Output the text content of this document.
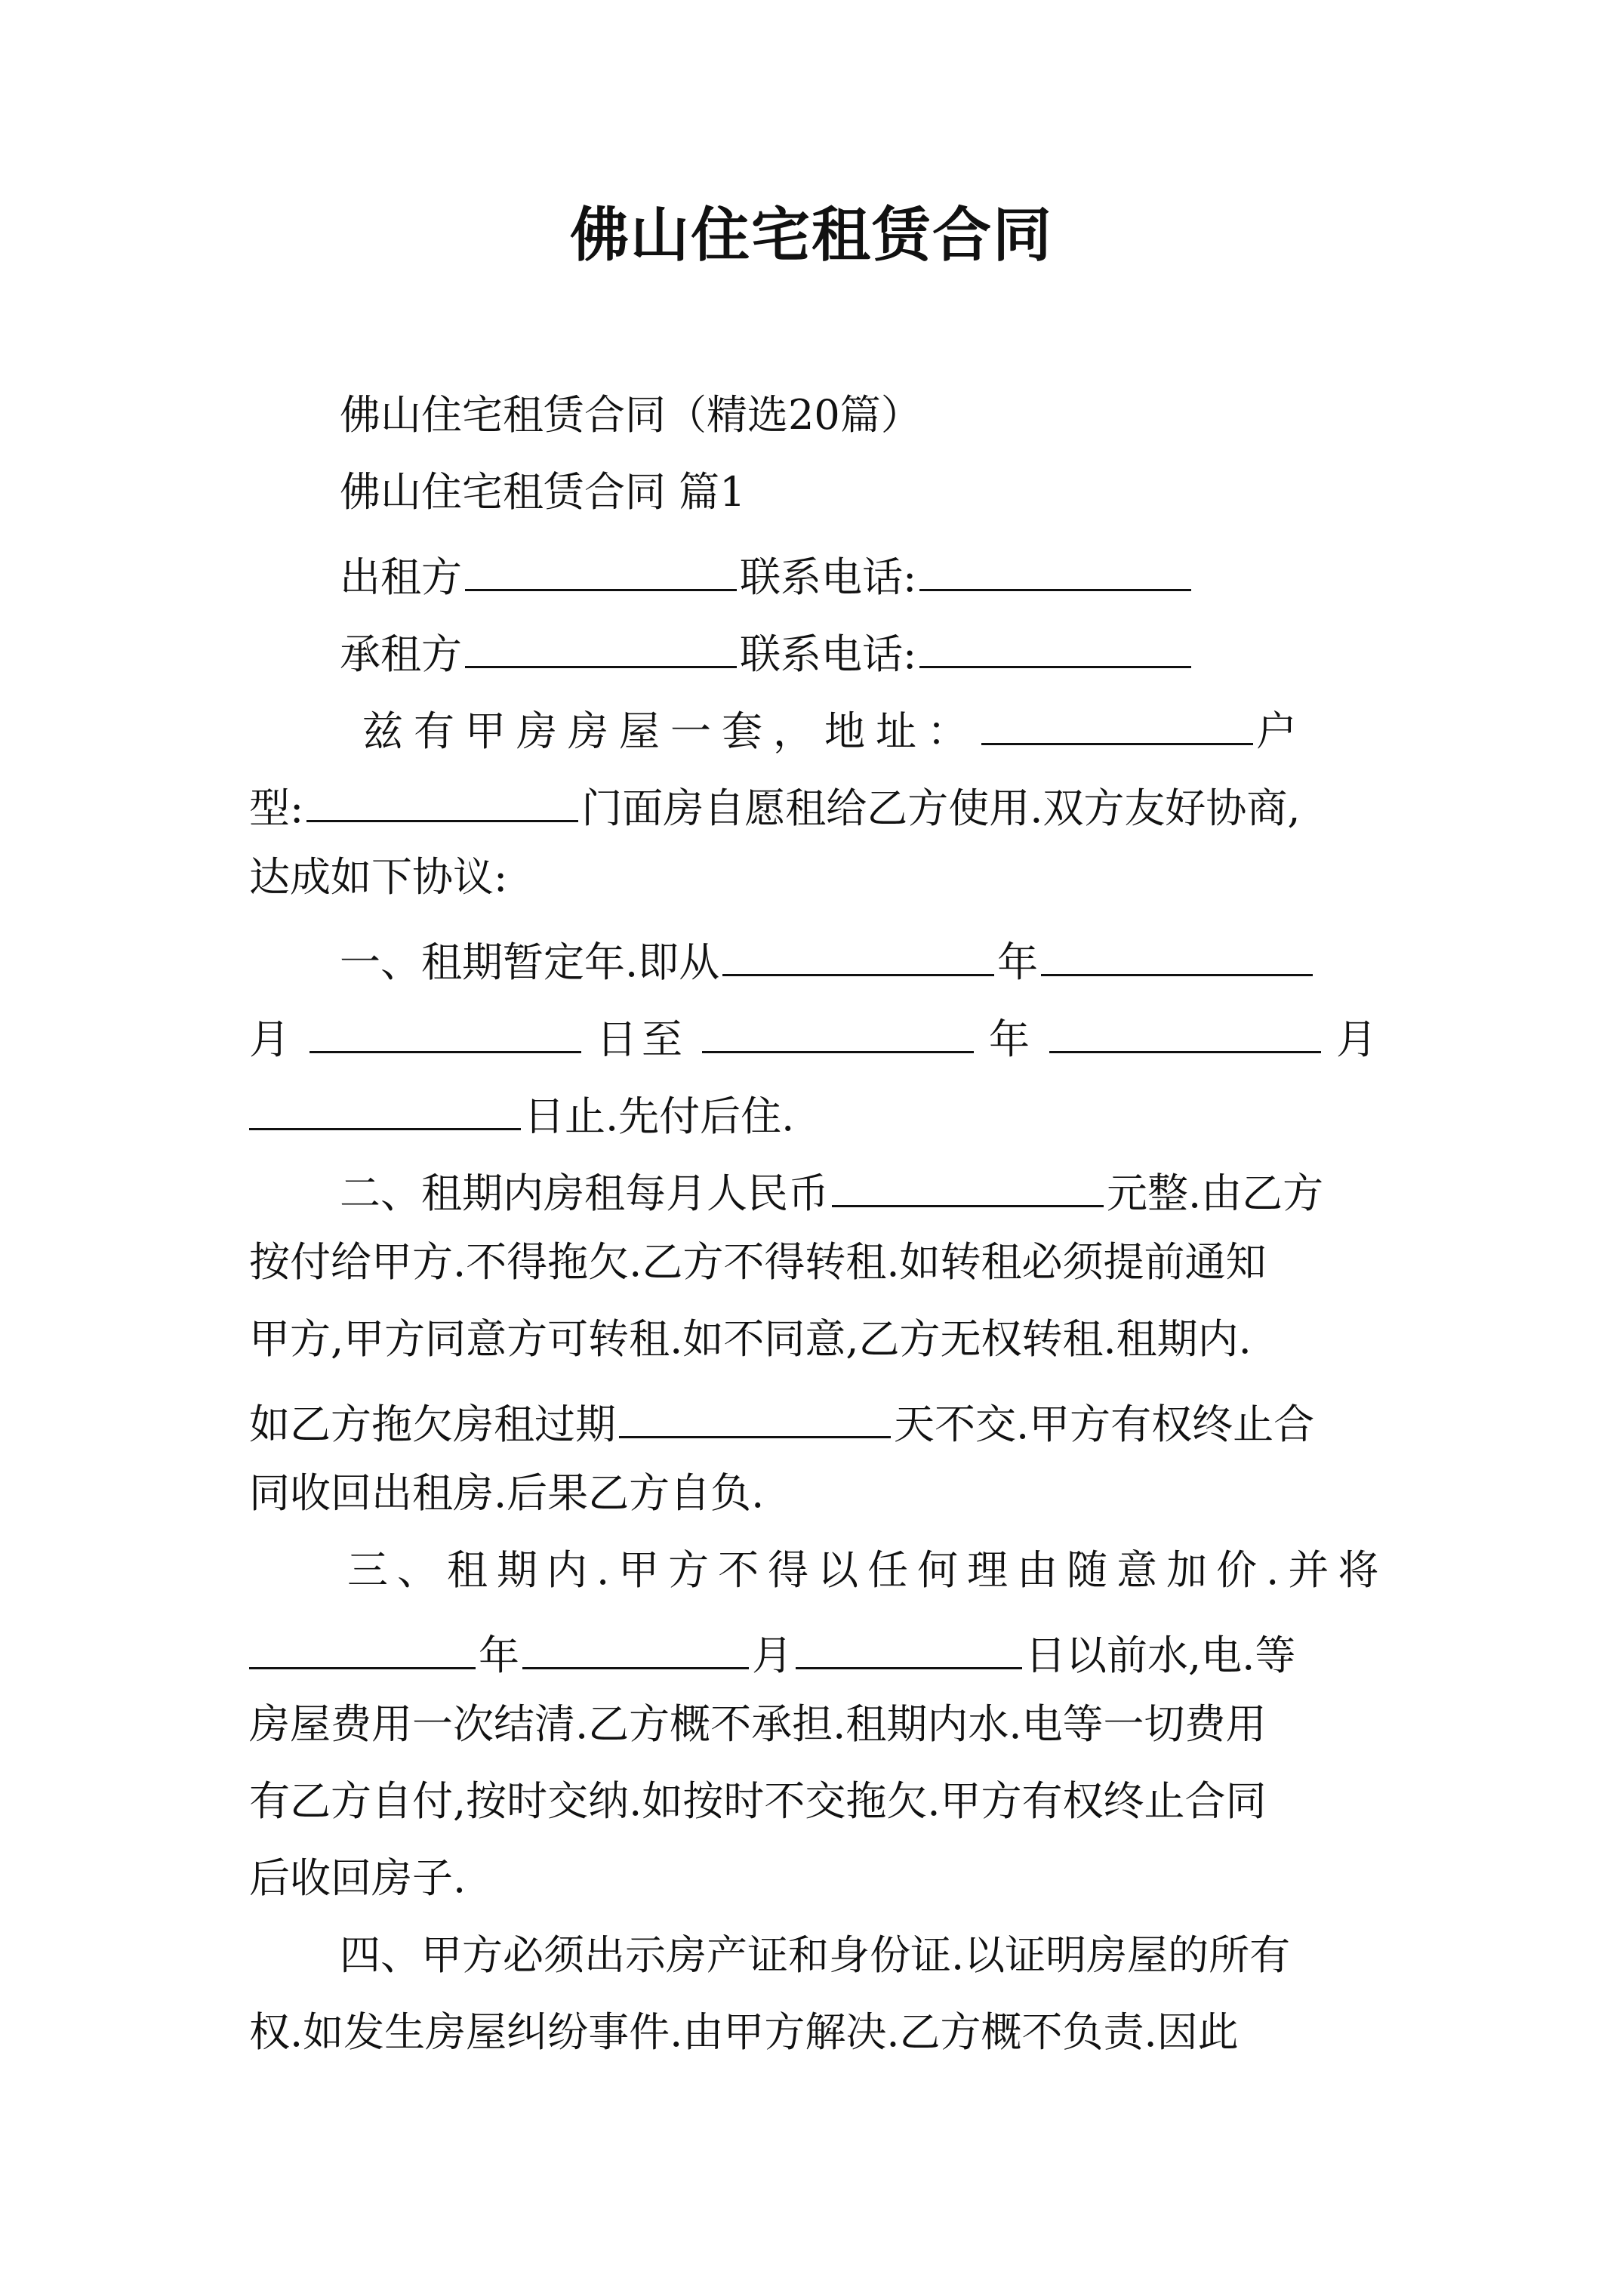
佛山住宅租赁合同
佛山住宅租赁合同（精选20篇）
佛山住宅租赁合同 篇1
出租方	联系电话:
承租方	联系电话:
兹有甲房房屋一套，地址：	户
型:	门面房自愿租给乙方使用.双方友好协商,
达成如下协议:
一、租期暂定年.即从	年
月	日至	年	月
日止.先付后住.
二、租期内房租每月人民币	元整.由乙方
按付给甲方.不得拖欠.乙方不得转租.如转租必须提前通知
甲方,甲方同意方可转租.如不同意,乙方无权转租.租期内.
如乙方拖欠房租过期	天不交.甲方有权终止合
同收回出租房.后果乙方自负.
三、租期内.甲方不得以任何理由随意加价.并将
年	月	日以前水,电.等
房屋费用一次结清.乙方概不承担.租期内水.电等一切费用
有乙方自付,按时交纳.如按时不交拖欠.甲方有权终止合同
后收回房子.
四、甲方必须出示房产证和身份证.以证明房屋的所有
权.如发生房屋纠纷事件.由甲方解决.乙方概不负责.因此
